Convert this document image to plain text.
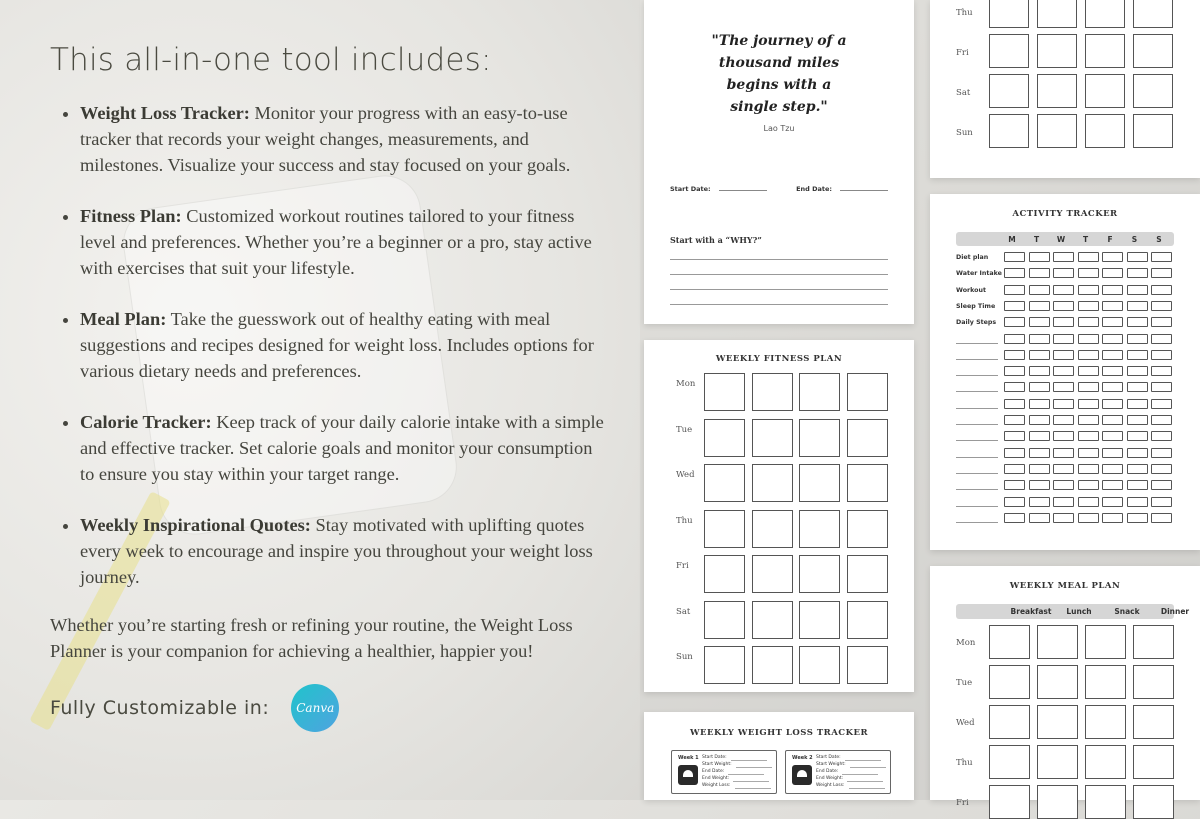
This all-in-one tool includes:
• Weight Loss Tracker: Monitor your progress with an easy-to-use tracker that records your weight changes, measurements, and milestones. Visualize your success and stay focused on your goals.
• Fitness Plan: Customized workout routines tailored to your fitness level and preferences. Whether you’re a beginner or a pro, stay active with exercises that suit your lifestyle.
• Meal Plan: Take the guesswork out of healthy eating with meal suggestions and recipes designed for weight loss. Includes options for various dietary needs and preferences.
• Calorie Tracker: Keep track of your daily calorie intake with a simple and effective tracker. Set calorie goals and monitor your consumption to ensure you stay within your target range.
• Weekly Inspirational Quotes: Stay motivated with uplifting quotes every week to encourage and inspire you throughout your weight loss journey.

Whether you’re starting fresh or refining your routine, the Weight Loss Planner is your companion for achieving a healthier, happier you!

Fully Customizable in: Canva
"The journey of a thousand miles begins with a single step."
Lao Tzu
Start Date:	End Date:
Start with a “WHY?”
WEEKLY FITNESS PLAN
Mon
Tue
Wed
Thu
Fri
Sat
Sun
WEEKLY WEIGHT LOSS TRACKER
Week 1 Start Date:
Start Weight:
End Date:
End Weight:
Weight Loss:
Week 2 Start Date:
Start Weight:
End Date:
End Weight:
Weight Loss:
Thu
Fri
Sat
Sun
ACTIVITY TRACKER
M	T	W	T	F	S	S
Diet plan
Water Intake
Workout
Sleep Time
Daily Steps
WEEKLY MEAL PLAN
Breakfast	Lunch	Snack	Dinner
Mon
Tue
Wed
Thu
Fri
